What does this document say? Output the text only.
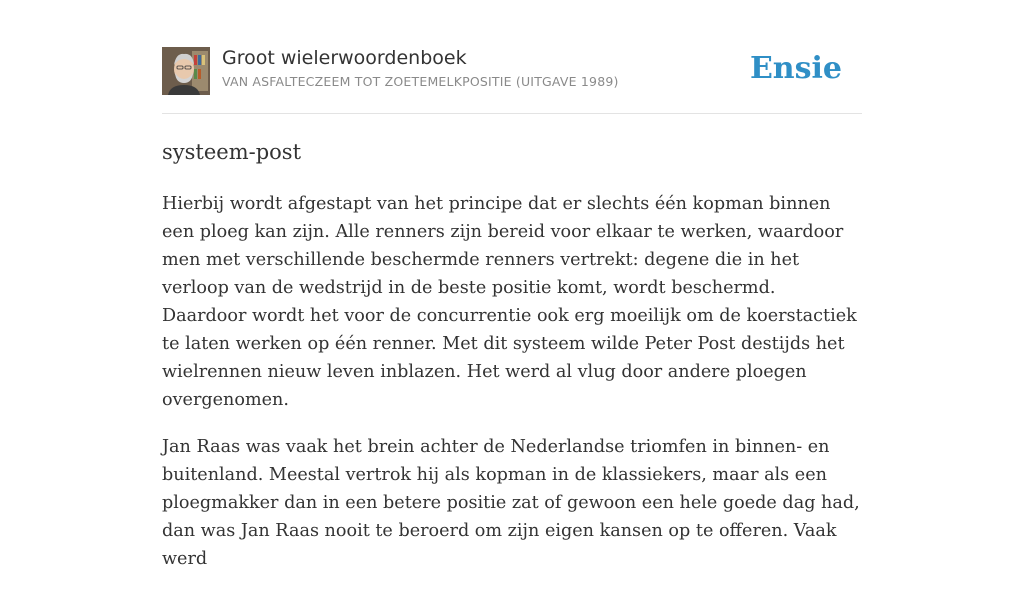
Groot wielerwoordenboek
VAN ASFALTECZEEM TOT ZOETEMELKPOSITIE (UITGAVE 1989)	Ensie
systeem-post

Hierbij wordt afgestapt van het principe dat er slechts één kopman binnen een ploeg kan zijn. Alle renners zijn bereid voor elkaar te werken, waardoor men met verschillende beschermde renners vertrekt: degene die in het verloop van de wedstrijd in de beste positie komt, wordt beschermd. Daardoor wordt het voor de concurrentie ook erg moeilijk om de koerstactiek te laten werken op één renner. Met dit systeem wilde Peter Post destijds het wielrennen nieuw leven inblazen. Het werd al vlug door andere ploegen overgenomen.

Jan Raas was vaak het brein achter de Nederlandse triomfen in binnen- en buitenland. Meestal vertrok hij als kopman in de klassiekers, maar als een ploegmakker dan in een betere positie zat of gewoon een hele goede dag had, dan was Jan Raas nooit te beroerd om zijn eigen kansen op te offeren. Vaak werd
